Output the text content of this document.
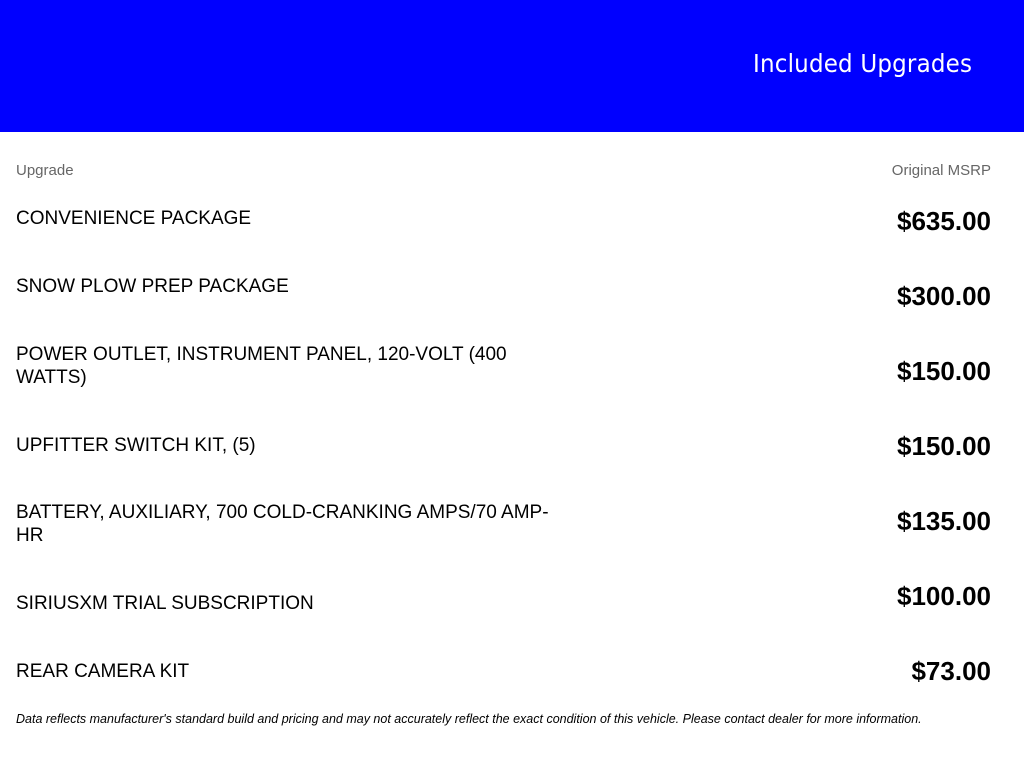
Included Upgrades
Upgrade	Original MSRP
CONVENIENCE PACKAGE	$635.00
SNOW PLOW PREP PACKAGE	$300.00
POWER OUTLET, INSTRUMENT PANEL, 120-VOLT (400 WATTS)	$150.00
UPFITTER SWITCH KIT, (5)	$150.00
BATTERY, AUXILIARY, 700 COLD-CRANKING AMPS/70 AMP-HR	$135.00
SIRIUSXM TRIAL SUBSCRIPTION	$100.00
REAR CAMERA KIT	$73.00
Data reflects manufacturer's standard build and pricing and may not accurately reflect the exact condition of this vehicle. Please contact dealer for more information.
